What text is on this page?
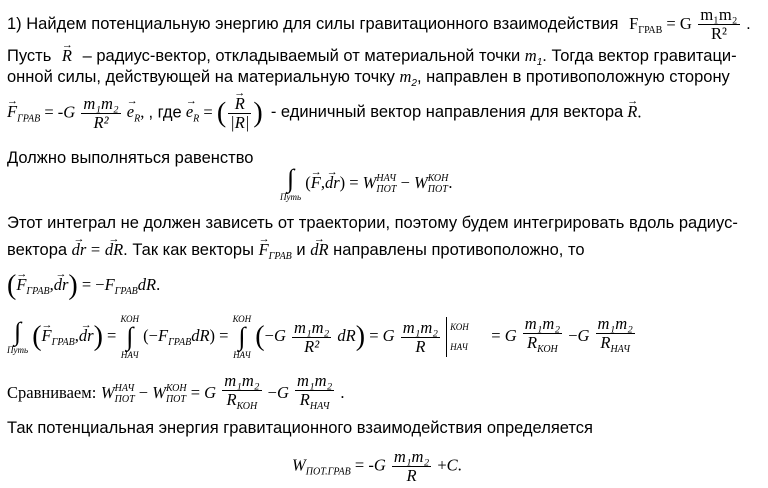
1) Найдем потенциальную энергию для силы гравитационного взаимодействия $F_{ГРАВ} = G \frac{\text{m₁m₂}}{\text{R²}}$ .
Пусть → R – радиус-вектор, откладываемый от материальной точки $m_1$. Тогда вектор гравитаци-
онной силы, действующей на материальную точку $m_2$, направлен в противоположную сторону
→ $F_{ГРАВ} = -G \frac{\text{m₁m₂}}{\text{R²}}$
→ $e_R$, , где → $e_R$ = (
→ $\frac{R}{|R|}$ ) - единичный вектор направления для вектора → R.
Должно выполняться равенство
∫
Путь
(→ F,→ dr) = W НАЧ
ПОТ − W КОН
ПОТ .
Этот интеграл не должен зависеть от траектории, поэтому будем интегрировать вдоль радиус-
вектора → dr = → dR. Так как векторы → $F_{ГРАВ}$ и → dR направлены противоположно, то
(→ $F_{ГРАВ},\to dr) = -F_{ГРАВ}dR$.
∫
Путь (→ $F_{ГРАВ},\to dr$) =
КОН
∫
НАЧ
$(-F_{ГРАВ}dR)$ =
КОН
∫
НАЧ
$(-G \frac{\text{m₁m₂}}{\text{R²}} dR) = G \frac{\text{m₁m₂}}{R}$
КОН
НАЧ
= G $\frac{\text{m₁m₂}}{R_{КОН}} -G \frac{\text{m₁m₂}}{R_{НАЧ}}$
Сравниваем: W НАЧ
ПОТ − W КОН
ПОТ = G $\frac{\text{m₁m₂}}{R_{КОН}} -G \frac{\text{m₁m₂}}{R_{НАЧ}}$ .
Так потенциальная энергия гравитационного взаимодействия определяется
$W_{ПОТ.ГРАВ} = -G \frac{\text{m₁m₂}}{R} +C$.
